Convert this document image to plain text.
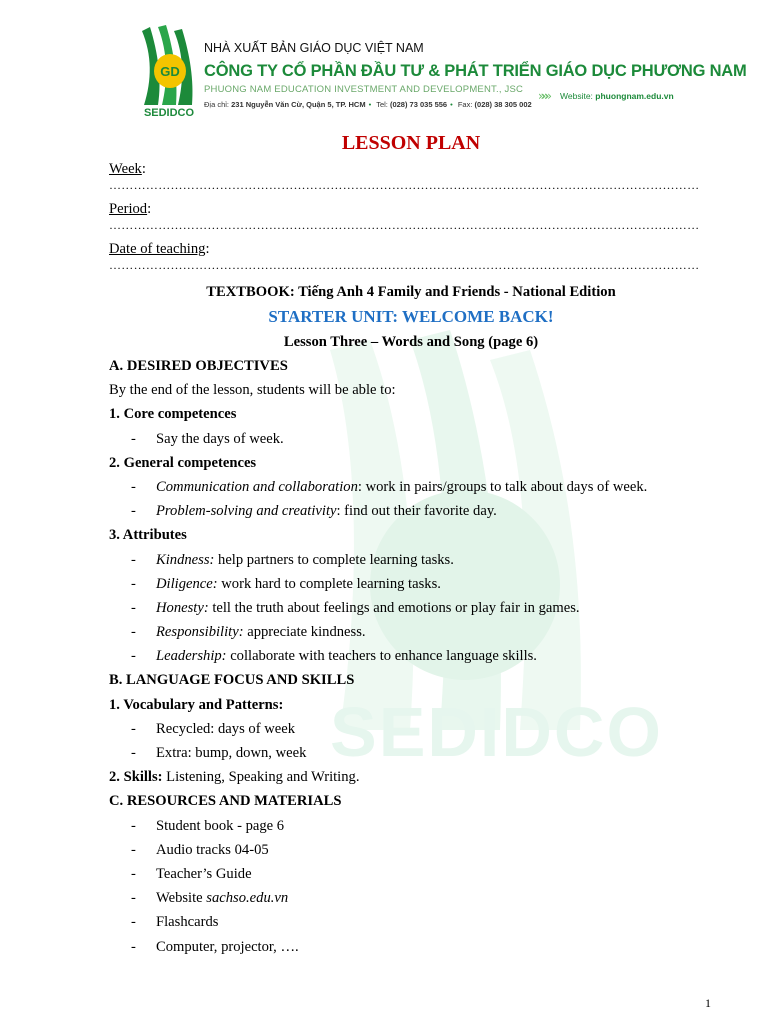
SEDIDCO
GD
SEDIDCO
NHÀ XUẤT BẢN GIÁO DỤC VIỆT NAM
CÔNG TY CỔ PHẦN ĐẦU TƯ & PHÁT TRIỂN GIÁO DỤC PHƯƠNG NAM
PHUONG NAM EDUCATION INVESTMENT AND DEVELOPMENT., JSC
Địa chỉ: 231 Nguyễn Văn Cừ, Quận 5, TP. HCM • Tel: (028) 73 035 556 • Fax: (028) 38 305 002
»»» Website: phuongnam.edu.vn
LESSON PLAN
Week:
………………………………………………………………………………………………………………………………
Period:
………………………………………………………………………………………………………………………………
Date of teaching:
………………………………………………………………………………………………………………………………
TEXTBOOK: Tiếng Anh 4 Family and Friends - National Edition
STARTER UNIT: WELCOME BACK!
Lesson Three – Words and Song (page 6)
A. DESIRED OBJECTIVES
By the end of the lesson, students will be able to:
1. Core competences
- Say the days of week.
2. General competences
- Communication and collaboration: work in pairs/groups to talk about days of week.
- Problem-solving and creativity: find out their favorite day.
3. Attributes
- Kindness: help partners to complete learning tasks.
- Diligence: work hard to complete learning tasks.
- Honesty: tell the truth about feelings and emotions or play fair in games.
- Responsibility: appreciate kindness.
- Leadership: collaborate with teachers to enhance language skills.
B. LANGUAGE FOCUS AND SKILLS
1. Vocabulary and Patterns:
- Recycled: days of week
- Extra: bump, down, week
2. Skills: Listening, Speaking and Writing.
C. RESOURCES AND MATERIALS
- Student book - page 6
- Audio tracks 04-05
- Teacher’s Guide
- Website sachso.edu.vn
- Flashcards
- Computer, projector, ….
1
